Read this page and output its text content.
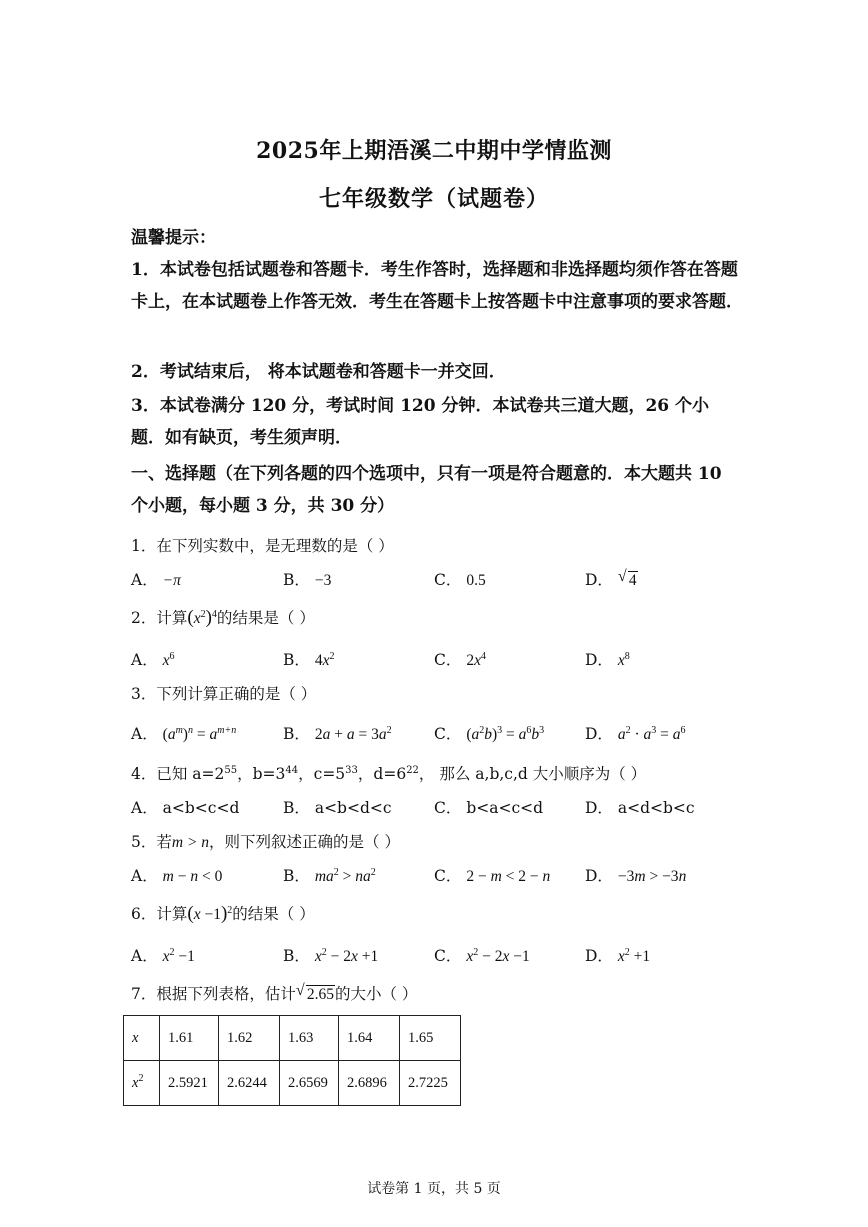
2025年上期浯溪二中期中学情监测
七年级数学（试题卷）
温馨提示：
1．本试卷包括试题卷和答题卡．考生作答时，选择题和非选择题均须作答在答题卡上，在本试题卷上作答无效．考生在答题卡上按答题卡中注意事项的要求答题．
2．考试结束后， 将本试题卷和答题卡一并交回．
3．本试卷满分 120 分，考试时间 120 分钟．本试卷共三道大题，26 个小题．如有缺页，考生须声明．
一、选择题（在下列各题的四个选项中，只有一项是符合题意的．本大题共 10 个小题，每小题 3 分，共 30 分）
1．在下列实数中，是无理数的是（ ）
A． −π	B． −3	C． 0.5	D． √ 4
2．计算$(x^2)^4$的结果是（ ）
A． $x^6$	B． $4x^2$	C． $2x^4$	D． $x^8$
3．下列计算正确的是（ ）
A． $(a^m)^n = a^{m+n}$	B． $2a + a = 3a^2$	C． $(a^2b)^3 = a^6b^3$	D． $a^2 \cdot a^3 = a^6$
4．已知 $a=2^{55}$，$b=3^{44}$，$c=5^{33}$，$d=6^{22}$， 那么 a,b,c,d 大小顺序为（ ）
A． a<b<c<d	B． a<b<d<c	C． b<a<c<d	D． a<d<b<c
5．若m > n，则下列叙述正确的是（ ）
A． m − n < 0	B． $ma^2 > na^2$	C． 2 − m < 2 − n D． −3m > −3n
6．计算$(x -1)^2$的结果（ ）
A． $x^2 -1$	B． $x^2 - 2x +1$	C． $x^2 - 2x -1$	D． $x^2 +1$
7．根据下列表格，估计 √ 2.65的大小（ ）
x	1.61	1.62	1.63	1.64	1.65
$x^2$	2.5921	2.6244	2.6569	2.6896	2.7225
试卷第 1 页，共 5 页
